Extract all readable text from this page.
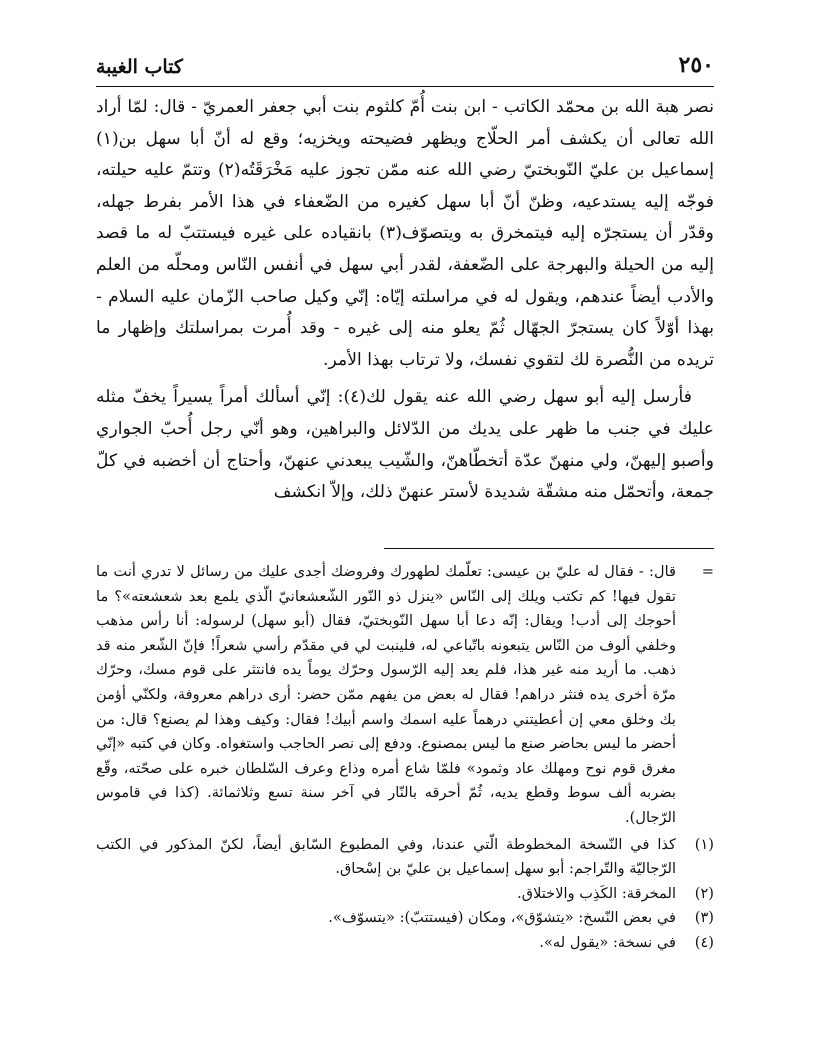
٢٥٠
كتاب الغيبة

نصر هبة الله بن محمّد الكاتب - ابن بنت أُمّ كلثوم بنت أبي جعفر العمريّ - قال: لمّا أراد الله تعالى أن يكشف أمر الحلّاج ويظهر فضيحته ويخزيه؛ وقع له أنّ أبا سهل بن(١) إسماعيل بن عليّ النّوبختيّ رضي الله عنه ممّن تجوز عليه مَخْرَقَتُه(٢) وتتمّ عليه حيلته، فوجّه إليه يستدعيه، وظنّ أنّ أبا سهل كغيره من الضّعفاء في هذا الأمر بفرط جهله، وقدّر أن يستجرّه إليه فيتمخرق به ويتصوّف(٣) بانقياده على غيره فيستتبّ له ما قصد إليه من الحيلة والبهرجة على الضّعفة، لقدر أبي سهل في أنفس النّاس ومحلّه من العلم والأدب أيضاً عندهم، ويقول له في مراسلته إيّاه: إنّي وكيل صاحب الزّمان عليه السلام - بهذا أوّلاً كان يستجرّ الجهّال ثُمّ يعلو منه إلى غيره - وقد أُمرت بمراسلتك وإظهار ما تريده من النُّصرة لك لتقوي نفسك، ولا ترتاب بهذا الأمر.

فأرسل إليه أبو سهل رضي الله عنه يقول لك(٤): إنّي أسألك أمراً يسيراً يخفّ مثله عليك في جنب ما ظهر على يديك من الدّلائل والبراهين، وهو أنّي رجل أُحبّ الجواري وأصبو إليهنّ، ولي منهنّ عدّة أتخطّاهنّ، والشّيب يبعدني عنهنّ، وأحتاج أن أخضبه في كلّ جمعة، وأتحمّل منه مشقّة شديدة لأستر عنهنّ ذلك، وإلاّ انكشف

=
قال: - فقال له عليّ بن عيسى: تعلّمك لطهورك وفروضك أجدى عليك من رسائل لا تدري أنت ما تقول فيها! كم تكتب ويلك إلى النّاس «ينزل ذو النّور الشّعشعانيّ الّذي يلمع بعد شعشعته»؟ ما أحوجك إلى أدب! ويقال: إنّه دعا أبا سهل النّوبختيّ، فقال (أبو سهل) لرسوله: أنا رأس مذهب وخلفي ألوف من النّاس يتبعونه باتّباعي له، فلينبت لي في مقدّم رأسي شعراً! فإنّ الشّعر منه قد ذهب. ما أريد منه غير هذا، فلم يعد إليه الرّسول وحرّك يوماً يده فانتثر على قوم مسك، وحرّك مرّة أخرى يده فنثر دراهم! فقال له بعض من يفهم ممّن حضر: أرى دراهم معروفة، ولكنّي أؤمن بك وخلق معي إن أعطيتني درهماً عليه اسمك واسم أبيك! فقال: وكيف وهذا لم يصنع؟ قال: من أحضر ما ليس بحاضر صنع ما ليس بمصنوع. ودفع إلى نصر الحاجب واستغواه. وكان في كتبه «إنّي مغرق قوم نوح ومهلك عاد وثمود» فلمّا شاع أمره وذاع وعرف السّلطان خبره على صحّته، وقّع بضربه ألف سوط وقطع يديه، ثُمّ أحرقه بالنّار في آخر سنة تسع وثلاثمائة. (كذا في قاموس الرّجال).
(١)
كذا في النّسخة المخطوطة الّتي عندنا، وفي المطبوع السّابق أيضاً، لكنّ المذكور في الكتب الرّجاليّة والتّراجم: أبو سهل إسماعيل بن عليّ بن إسْحاق.
(٢)
المخرقة: الكَذِب والاختلاق.
(٣)
في بعض النّسخ: «يتشوّق»، ومكان (فيستتبّ): «يتسوّف».
(٤)
في نسخة: «يقول له».
